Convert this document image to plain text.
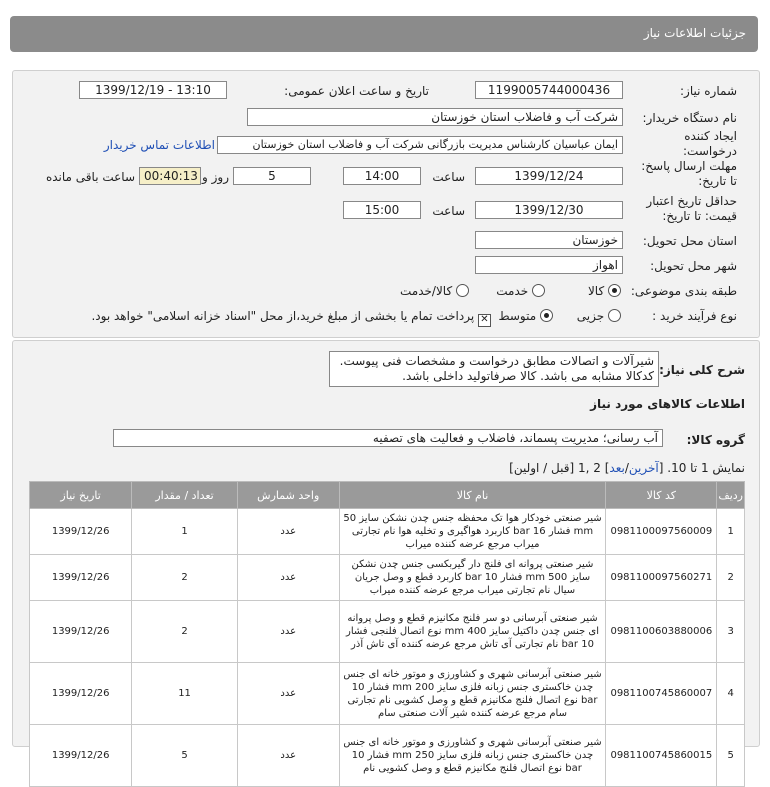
جزئیات اطلاعات نیاز
شماره نیاز:
1199005744000436
تاریخ و ساعت اعلان عمومی:
1399/12/19 - 13:10
نام دستگاه خریدار:
شرکت آب و فاضلاب استان خوزستان
ایجاد کننده درخواست:
ایمان عباسیان کارشناس مدیریت بازرگانی شرکت آب و فاضلاب استان خوزستان
اطلاعات تماس خریدار
مهلت ارسال پاسخ: تا تاریخ:
1399/12/24
ساعت
14:00
5
روز و
00:40:13
ساعت باقی مانده
حداقل تاریخ اعتبار قیمت: تا تاریخ:
1399/12/30
ساعت
15:00
استان محل تحویل:
خوزستان
شهر محل تحویل:
اهواز
طبقه بندی موضوعی:
کالا
خدمت
کالا/خدمت
نوع فرآیند خرید :
جزیی
متوسط
✕ پرداخت تمام یا بخشی از مبلغ خرید،از محل "اسناد خزانه اسلامی" خواهد بود.
شرح کلی نیاز:
شیرآلات و اتصالات مطابق درخواست و مشخصات فنی پیوست. کدکالا مشابه می باشد. کالا صرفاتولید داخلی باشد.
اطلاعات کالاهای مورد نیاز
گروه کالا:
آب رسانی؛ مدیریت پسماند، فاضلاب و فعالیت های تصفیه
نمایش 1 تا 10. [آخرین/بعد] 2 ,1 [قبل / اولین]
ردیف	کد کالا	نام کالا	واحد شمارش	تعداد / مقدار	تاریخ نیاز
1	0981100097560009	شیر صنعتی خودکار هوا تک محفظه جنس چدن نشکن سایز 50 mm فشار 16 bar کاربرد هواگیری و تخلیه هوا نام تجارتی میراب مرجع عرضه کننده میراب	عدد	1	1399/12/26
2	0981100097560271	شیر صنعتی پروانه ای فلنج دار گیربکسی جنس چدن نشکن سایز 500 mm فشار 10 bar کاربرد قطع و وصل جریان سیال نام تجارتی میراب مرجع عرضه کننده میراب	عدد	2	1399/12/26
3	0981100603880006	شیر صنعتی آبرسانی دو سر فلنج مکانیزم قطع و وصل پروانه ای جنس چدن داکتیل سایز 400 mm نوع اتصال فلنجی فشار 10 bar نام تجارتی آی تاش مرجع عرضه کننده آی تاش آذر	عدد	2	1399/12/26
4	0981100745860007	شیر صنعتی آبرسانی شهری و کشاورزی و موتور خانه ای جنس چدن خاکستری جنس زبانه فلزی سایز 200 mm فشار 10 bar نوع اتصال فلنج مکانیزم قطع و وصل کشویی نام تجارتی سام مرجع عرضه کننده شیر آلات صنعتی سام	عدد	11	1399/12/26
5	0981100745860015	شیر صنعتی آبرسانی شهری و کشاورزی و موتور خانه ای جنس چدن خاکستری جنس زبانه فلزی سایز 250 mm فشار 10 bar نوع اتصال فلنج مکانیزم قطع و وصل کشویی نام	عدد	5	1399/12/26
